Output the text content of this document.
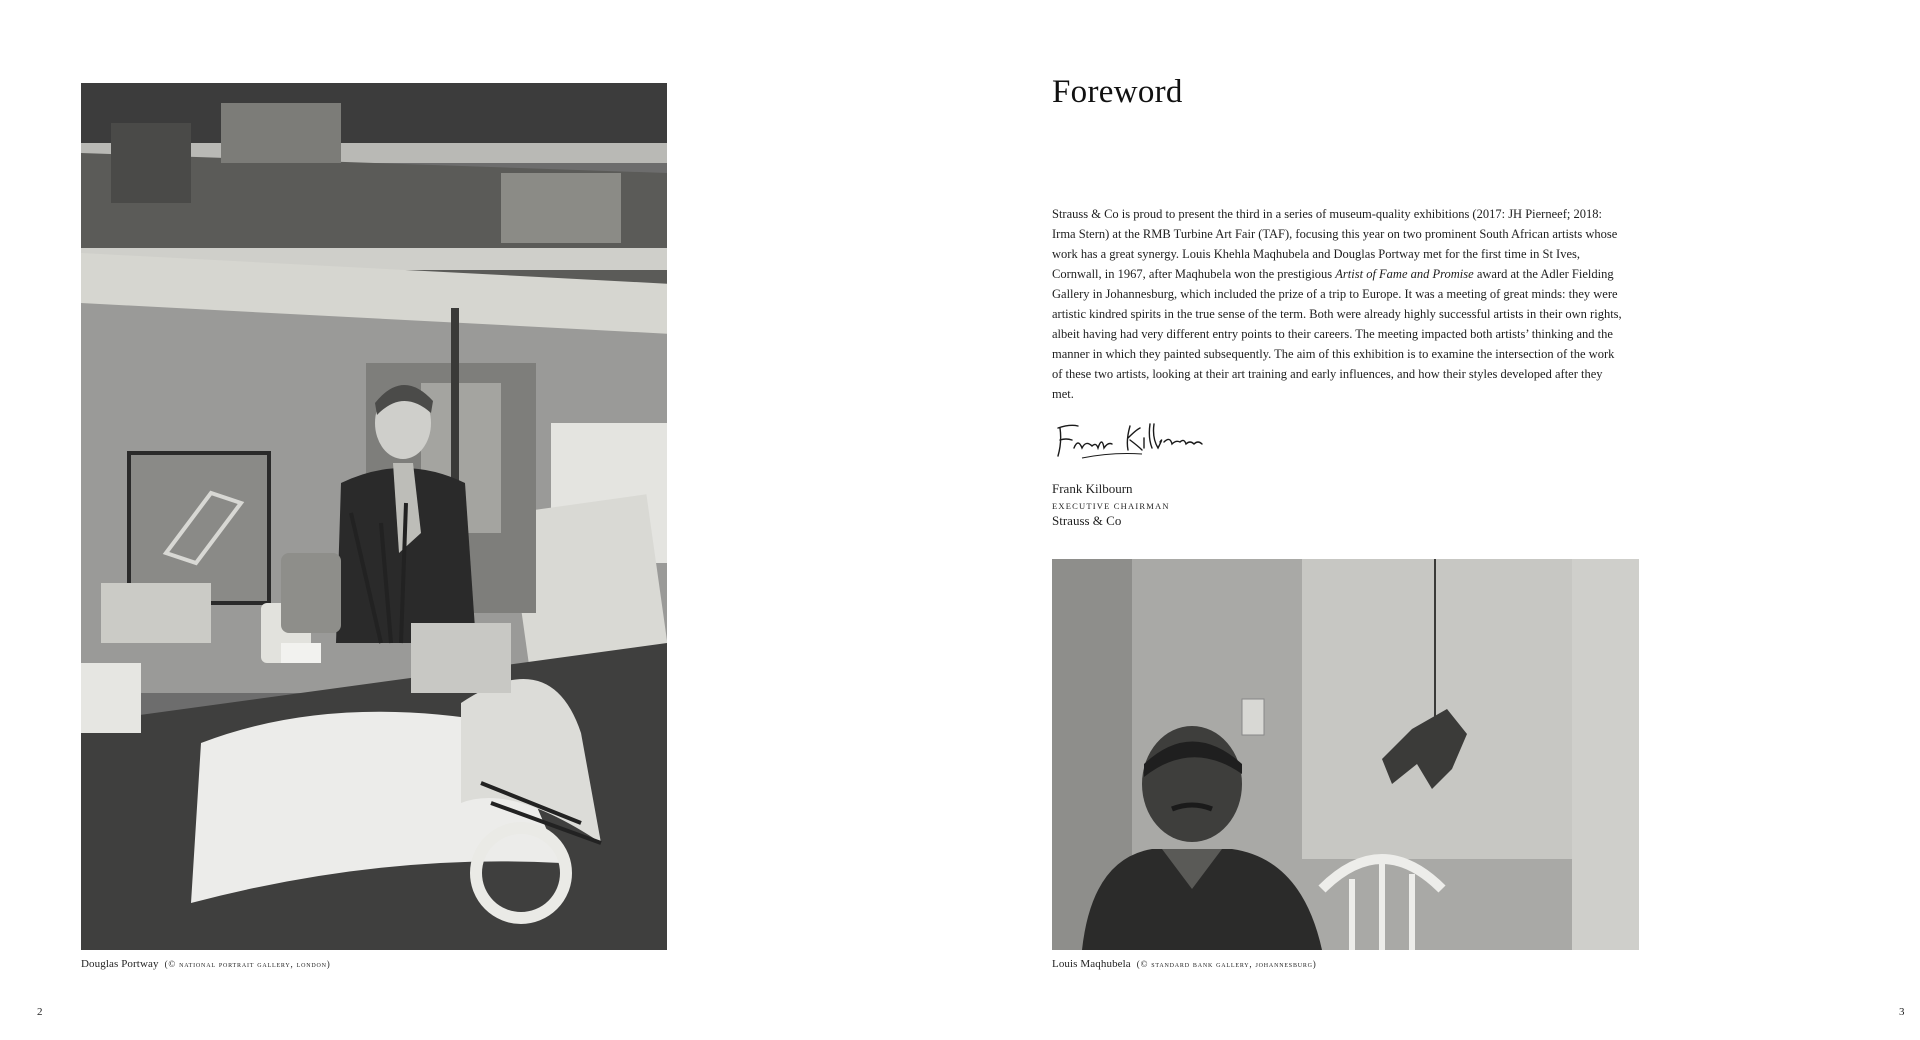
Douglas Portway (© national portrait gallery, london)
2
Foreword

Strauss & Co is proud to present the third in a series of museum-quality exhibitions (2017: JH Pierneef; 2018: Irma Stern) at the RMB Turbine Art Fair (TAF), focusing this year on two prominent South African artists whose work has a great synergy. Louis Khehla Maqhubela and Douglas Portway met for the first time in St Ives, Cornwall, in 1967, after Maqhubela won the prestigious Artist of Fame and Promise award at the Adler Fielding Gallery in Johannesburg, which included the prize of a trip to Europe. It was a meeting of great minds: they were artistic kindred spirits in the true sense of the term. Both were already highly successful artists in their own rights, albeit having had very different entry points to their careers. The meeting impacted both artists’ thinking and the manner in which they painted subsequently. The aim of this exhibition is to examine the intersection of the work of these two artists, looking at their art training and early influences, and how their styles developed after they met.

Frank Kilbourn
EXECUTIVE CHAIRMAN
Strauss & Co
Louis Maqhubela (© standard bank gallery, johannesburg)
3
